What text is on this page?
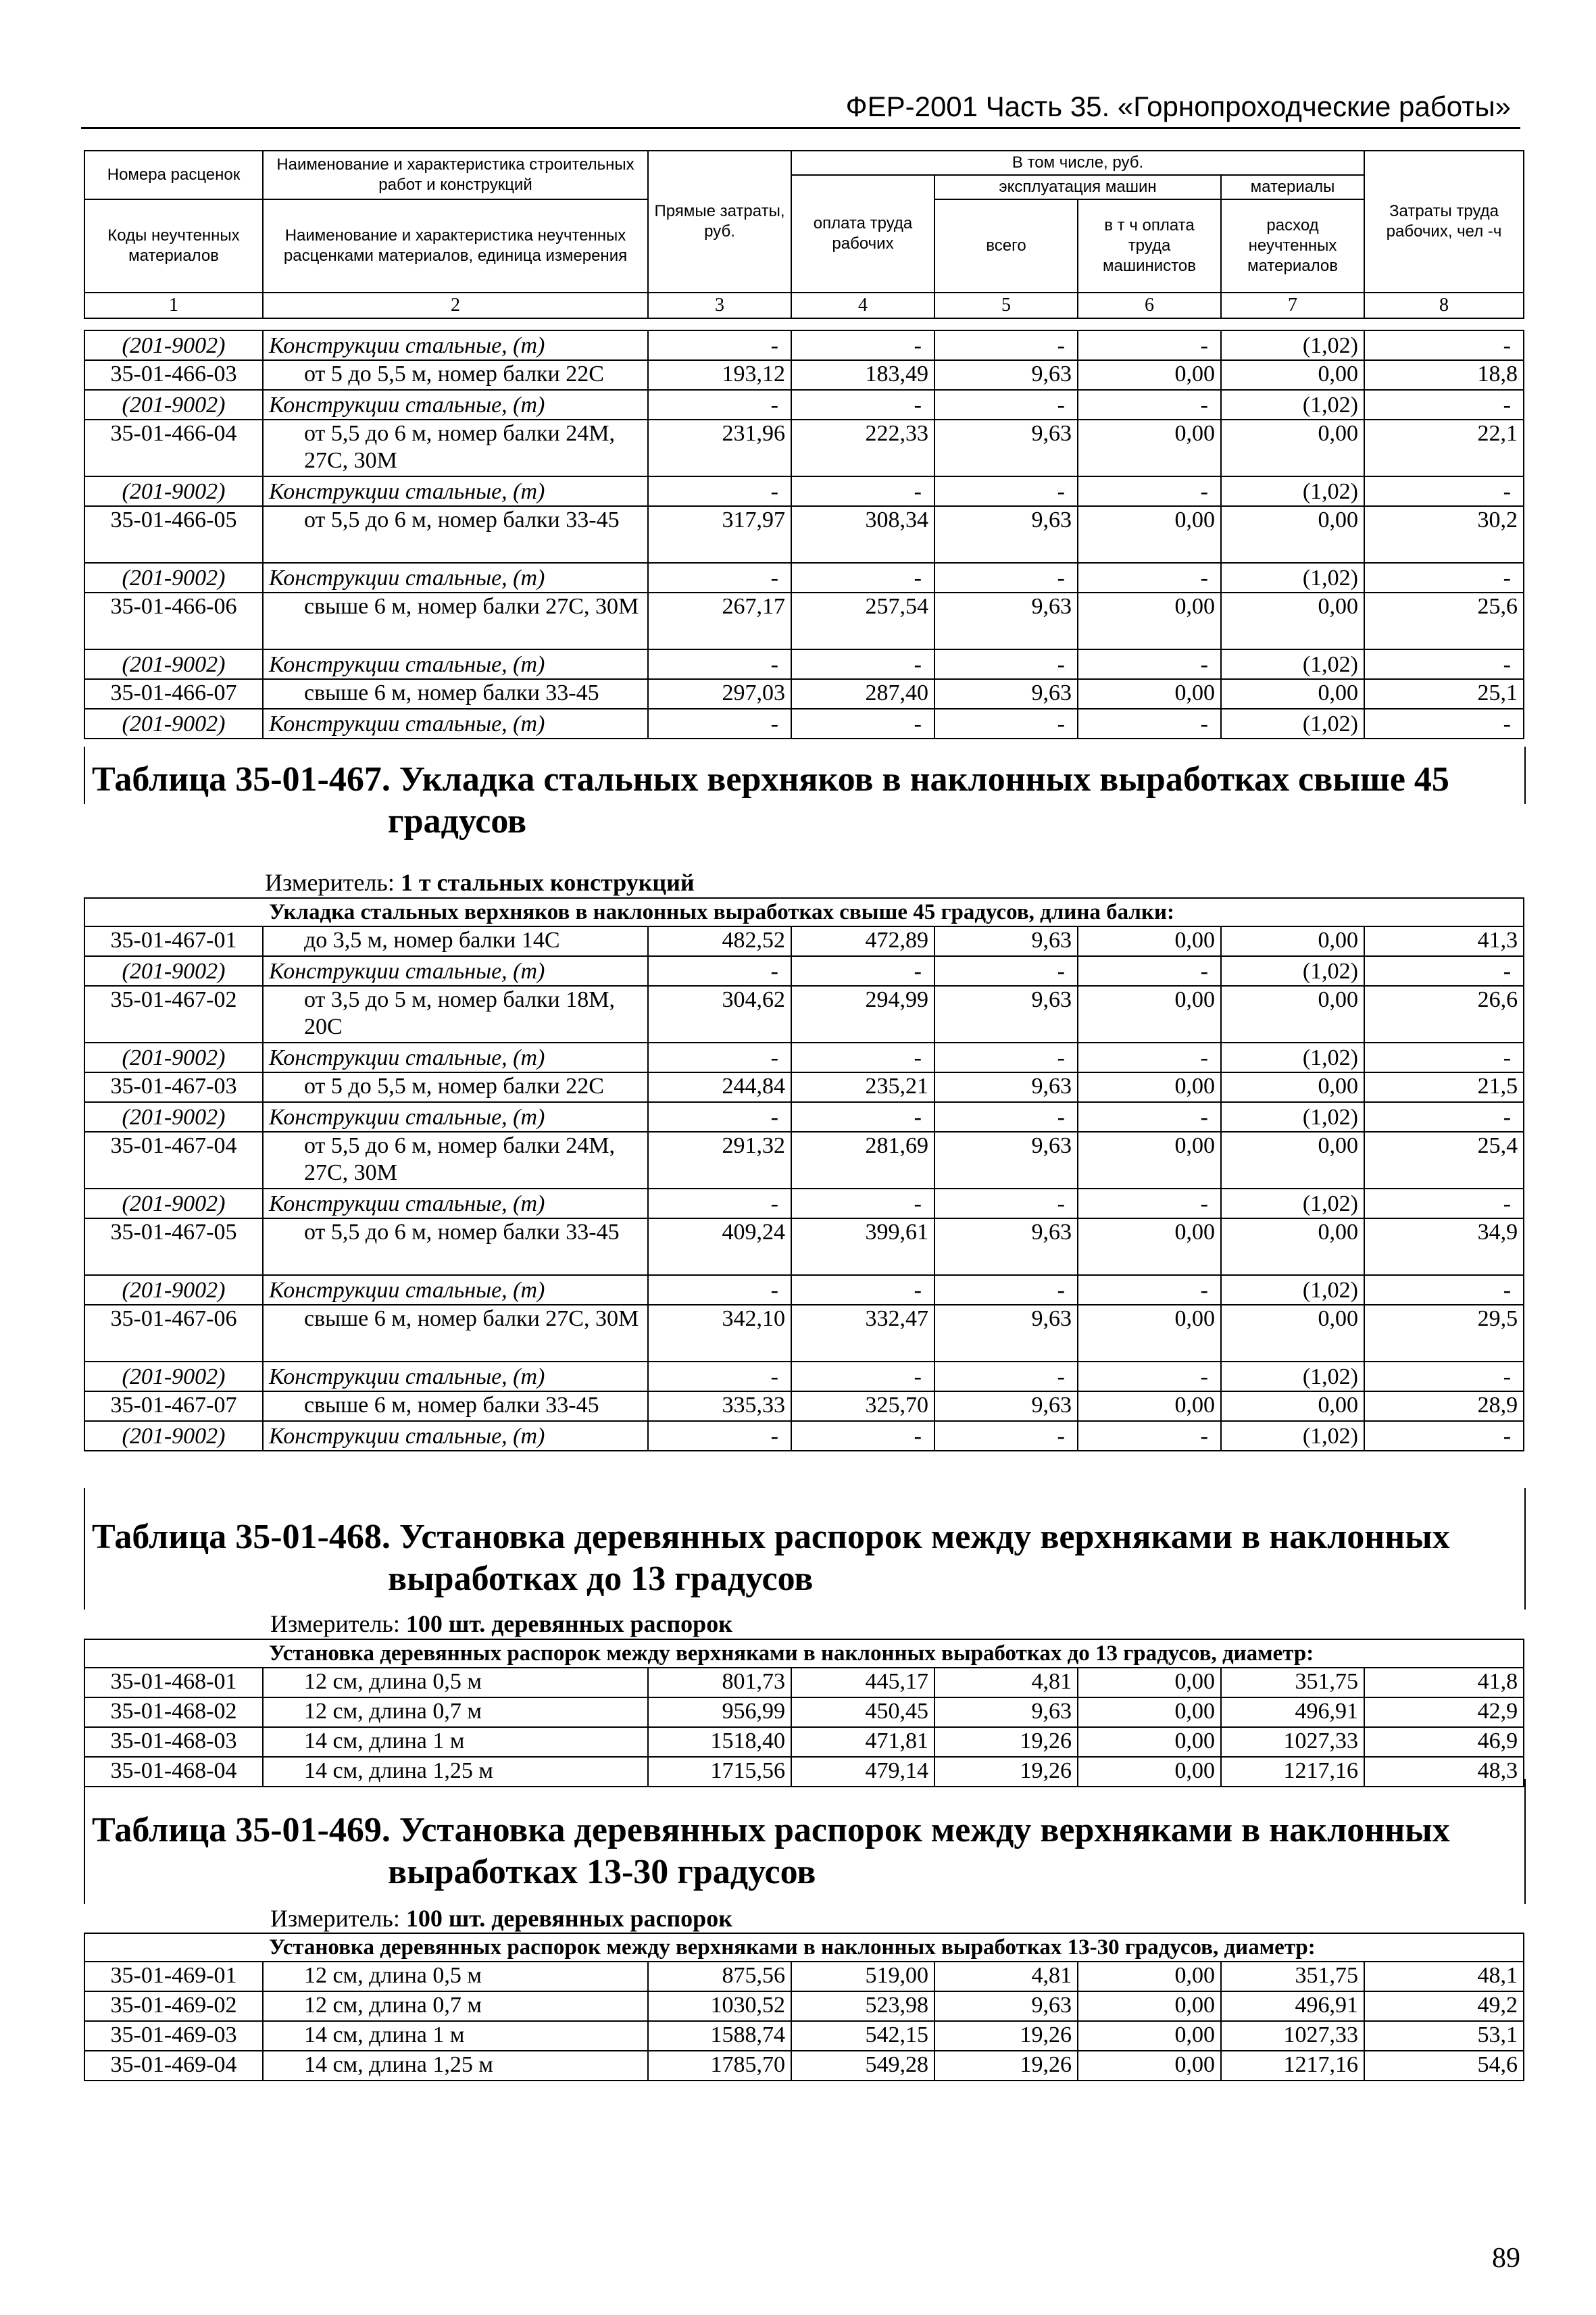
ФЕР-2001 Часть 35. «Горнопроходческие работы»
Номера расценок	Наименование и характеристика строительных работ и конструкций	Прямые затраты, руб.	В том числе, руб.				Затраты труда рабочих, чел -ч
			оплата труда рабочих	эксплуатация машин		материалы	
Коды неучтенных материалов	Наименование и характеристика неучтенных расценками материалов, единица измерения			всего	в т ч оплата труда машинистов	расход неучтенных материалов	

1	2	3	4	5	6	7	8
(201-9002)	Конструкции стальные, (т)	-	-	-	-	(1,02)	-
35-01-466-03	от 5 до 5,5 м, номер балки 22С	193,12	183,49	9,63	0,00	0,00	18,8
(201-9002)	Конструкции стальные, (т)	-	-	-	-	(1,02)	-
35-01-466-04	от 5,5 до 6 м, номер балки 24М, 27С, 30М	231,96	222,33	9,63	0,00	0,00	22,1
(201-9002)	Конструкции стальные, (т)	-	-	-	-	(1,02)	-
35-01-466-05	от 5,5 до 6 м, номер балки 33-45	317,97	308,34	9,63	0,00	0,00	30,2
(201-9002)	Конструкции стальные, (т)	-	-	-	-	(1,02)	-
35-01-466-06	свыше 6 м, номер балки 27С, 30М	267,17	257,54	9,63	0,00	0,00	25,6
(201-9002)	Конструкции стальные, (т)	-	-	-	-	(1,02)	-
35-01-466-07	свыше 6 м, номер балки 33-45	297,03	287,40	9,63	0,00	0,00	25,1
(201-9002)	Конструкции стальные, (т)	-	-	-	-	(1,02)	-
Таблица 35-01-467. Укладка стальных верхняков в наклонных выработках свыше 45
градусов
Измеритель: 1 т стальных конструкций
Укладка стальных верхняков в наклонных выработках свыше 45 градусов, длина балки:							
35-01-467-01	до 3,5 м, номер балки 14С	482,52	472,89	9,63	0,00	0,00	41,3
(201-9002)	Конструкции стальные, (т)	-	-	-	-	(1,02)	-
35-01-467-02	от 3,5 до 5 м, номер балки 18М, 20С	304,62	294,99	9,63	0,00	0,00	26,6
(201-9002)	Конструкции стальные, (т)	-	-	-	-	(1,02)	-
35-01-467-03	от 5 до 5,5 м, номер балки 22С	244,84	235,21	9,63	0,00	0,00	21,5
(201-9002)	Конструкции стальные, (т)	-	-	-	-	(1,02)	-
35-01-467-04	от 5,5 до 6 м, номер балки 24М, 27С, 30М	291,32	281,69	9,63	0,00	0,00	25,4
(201-9002)	Конструкции стальные, (т)	-	-	-	-	(1,02)	-
35-01-467-05	от 5,5 до 6 м, номер балки 33-45	409,24	399,61	9,63	0,00	0,00	34,9
(201-9002)	Конструкции стальные, (т)	-	-	-	-	(1,02)	-
35-01-467-06	свыше 6 м, номер балки 27С, 30М	342,10	332,47	9,63	0,00	0,00	29,5
(201-9002)	Конструкции стальные, (т)	-	-	-	-	(1,02)	-
35-01-467-07	свыше 6 м, номер балки 33-45	335,33	325,70	9,63	0,00	0,00	28,9
(201-9002)	Конструкции стальные, (т)	-	-	-	-	(1,02)	-
Таблица 35-01-468. Установка деревянных распорок между верхняками в наклонных
выработках до 13 градусов
Измеритель: 100 шт. деревянных распорок
Установка деревянных распорок между верхняками в наклонных выработках до 13 градусов, диаметр:							
35-01-468-01	12 см, длина 0,5 м	801,73	445,17	4,81	0,00	351,75	41,8
35-01-468-02	12 см, длина 0,7 м	956,99	450,45	9,63	0,00	496,91	42,9
35-01-468-03	14 см, длина 1 м	1518,40	471,81	19,26	0,00	1027,33	46,9
35-01-468-04	14 см, длина 1,25 м	1715,56	479,14	19,26	0,00	1217,16	48,3
Таблица 35-01-469. Установка деревянных распорок между верхняками в наклонных
выработках 13-30 градусов
Измеритель: 100 шт. деревянных распорок
Установка деревянных распорок между верхняками в наклонных выработках 13-30 градусов, диаметр:							
35-01-469-01	12 см, длина 0,5 м	875,56	519,00	4,81	0,00	351,75	48,1
35-01-469-02	12 см, длина 0,7 м	1030,52	523,98	9,63	0,00	496,91	49,2
35-01-469-03	14 см, длина 1 м	1588,74	542,15	19,26	0,00	1027,33	53,1
35-01-469-04	14 см, длина 1,25 м	1785,70	549,28	19,26	0,00	1217,16	54,6
89
